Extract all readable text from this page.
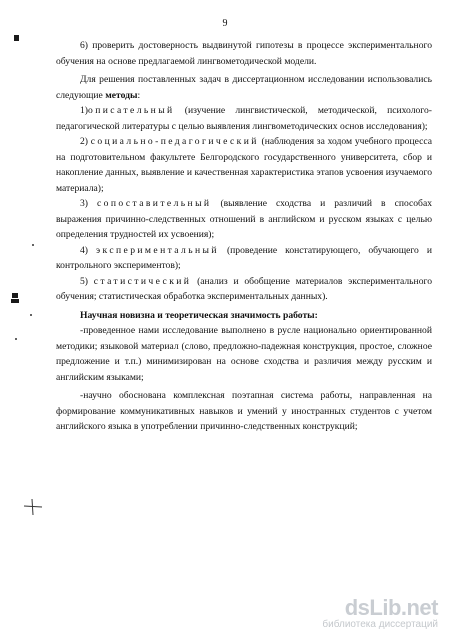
9

6) проверить достоверность выдвинутой гипотезы в процессе экспериментального обучения на основе предлагаемой лингвометодической модели.

Для решения поставленных задач в диссертационном исследовании использовались следующие методы:

1)описательный (изучение лингвистической, методической, психолого-педагогической литературы с целью выявления лингвометодических основ исследования);

2) социально-педагогический (наблюдения за ходом учебного процесса на подготовительном факультете Белгородского государственного университета, сбор и накопление данных, выявление и качественная характеристика этапов усвоения изучаемого материала);

3) сопоставительный (выявление сходства и различий в способах выражения причинно-следственных отношений в английском и русском языках с целью определения трудностей их усвоения);

4) экспериментальный (проведение констатирующего, обучающего и контрольного экспериментов);

5) статистический (анализ и обобщение материалов экспериментального обучения; статистическая обработка экспериментальных данных).

Научная новизна и теоретическая значимость работы:

-проведенное нами исследование выполнено в русле национально ориентированной методики; языковой материал (слово, предложно-падежная конструкция, простое, сложное предложение и т.п.) минимизирован на основе сходства и различия между русским и английским языками;

-научно обоснована комплексная поэтапная система работы, направленная на формирование коммуникативных навыков и умений у иностранных студентов с учетом английского языка в употреблении причинно-следственных конструкций;

dsLib.net
библиотека диссертаций
